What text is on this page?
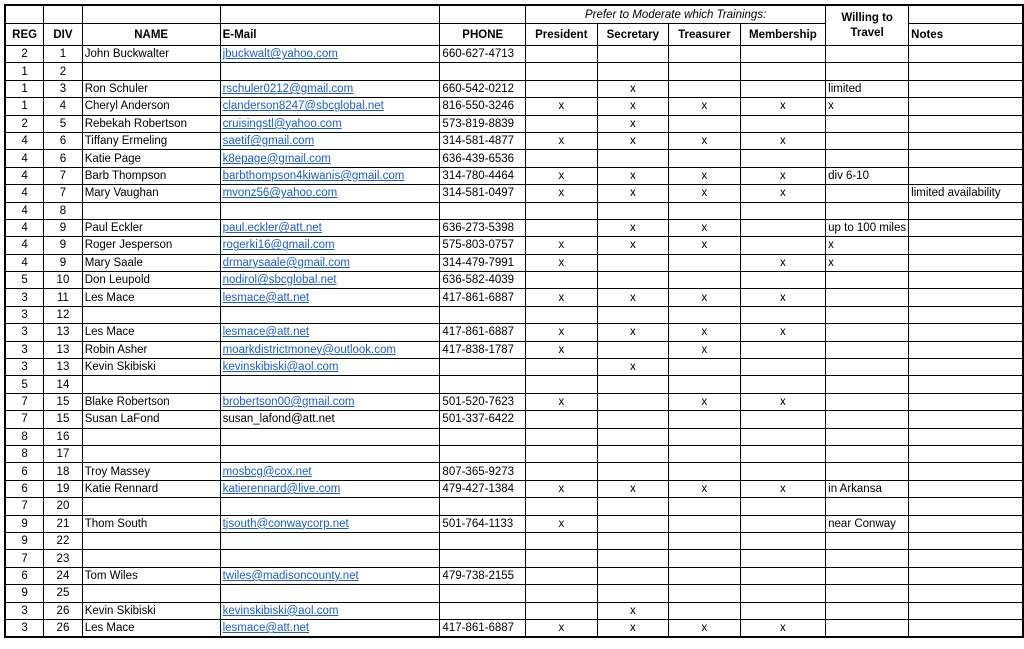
					Prefer to Moderate which Trainings:				Willing to Travel	
REG	DIV	NAME	E-Mail	PHONE	President	Secretary	Treasurer	Membership		Notes
2	1	John Buckwalter	jbuckwalt@yahoo.com	660-627-4713						
1	2									
1	3	Ron Schuler	rschuler0212@gmail.com	660-542-0212		x			limited	
1	4	Cheryl Anderson	clanderson8247@sbcglobal.net	816-550-3246	x	x	x	x	x	
2	5	Rebekah Robertson	cruisingstl@yahoo.com	573-819-8839		x				
4	6	Tiffany Ermeling	saetif@gmail.com	314-581-4877	x	x	x	x		
4	6	Katie Page	k8epage@gmail.com	636-439-6536						
4	7	Barb Thompson	barbthompson4kiwanis@gmail.com	314-780-4464	x	x	x	x	div 6-10	
4	7	Mary Vaughan	mvonz56@yahoo.com	314-581-0497	x	x	x	x		limited availability
4	8									
4	9	Paul Eckler	paul.eckler@att.net	636-273-5398		x	x		up to 100 miles	
4	9	Roger Jesperson	rogerki16@gmail.com	575-803-0757	x	x	x		x	
4	9	Mary Saale	drmarysaale@gmail.com	314-479-7991	x			x	x	
5	10	Don Leupold	nodirol@sbcglobal.net	636-582-4039						
3	11	Les Mace	lesmace@att.net	417-861-6887	x	x	x	x		
3	12									
3	13	Les Mace	lesmace@att.net	417-861-6887	x	x	x	x		
3	13	Robin Asher	moarkdistrictmoney@outlook.com	417-838-1787	x		x			
3	13	Kevin Skibiski	kevinskibiski@aol.com			x				
5	14									
7	15	Blake Robertson	brobertson00@gmail.com	501-520-7623	x		x	x		
7	15	Susan LaFond	susan_lafond@att.net	501-337-6422						
8	16									
8	17									
6	18	Troy Massey	mosbcg@cox.net	807-365-9273						
6	19	Katie Rennard	katierennard@live.com	479-427-1384	x	x	x	x	in Arkansa	
7	20									
9	21	Thom South	tjsouth@conwaycorp.net	501-764-1133	x				near Conway	
9	22									
7	23									
6	24	Tom Wiles	twiles@madisoncounty.net	479-738-2155						
9	25									
3	26	Kevin Skibiski	kevinskibiski@aol.com			x				
3	26	Les Mace	lesmace@att.net	417-861-6887	x	x	x	x		
